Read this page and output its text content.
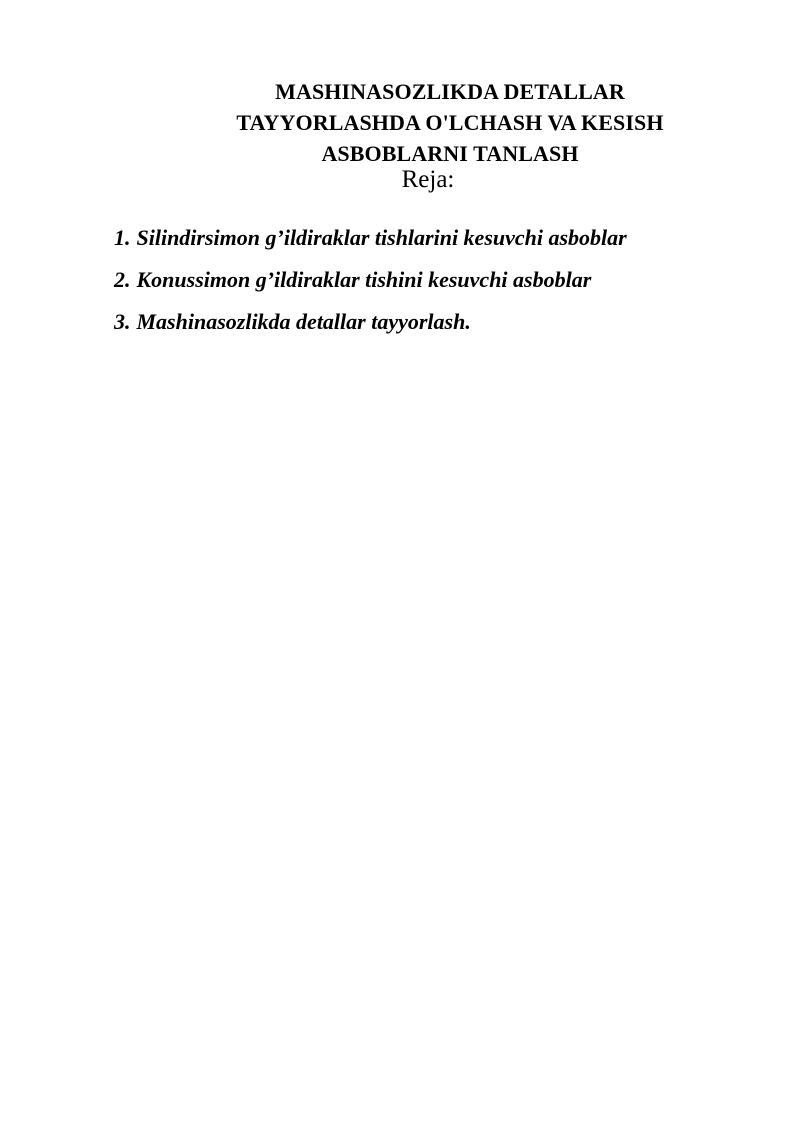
MASHINASOZLIKDA DETALLAR
TAYYORLASHDA O'LCHASH VA KESISH
ASBOBLARNI TANLASH
Reja:
1. Silindirsimon g’ildiraklar tishlarini kesuvchi asboblar
2. Konussimon g’ildiraklar tishini kesuvchi asboblar
3. Mashinasozlikda detallar tayyorlash.
